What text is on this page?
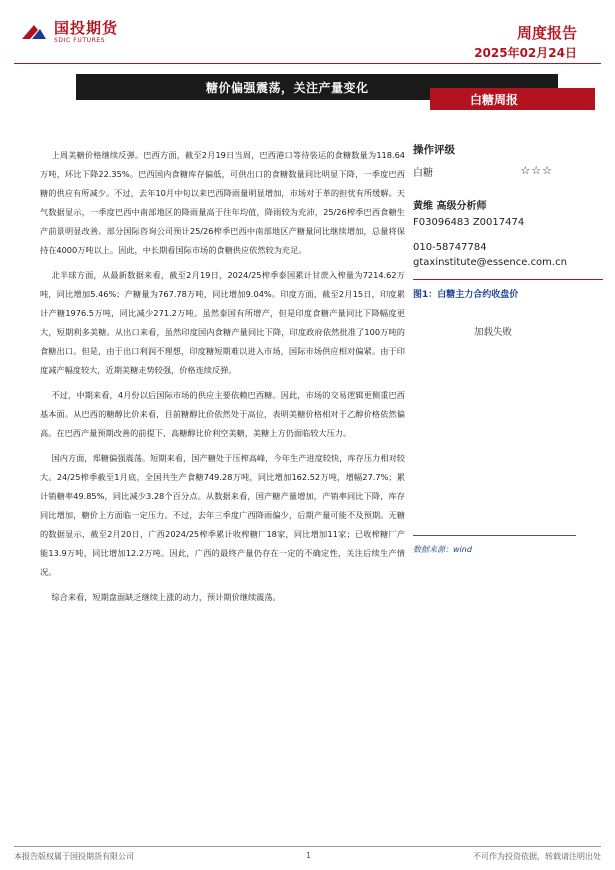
国投期货
SDIC FUTURES	周度报告
2025年02月24日
糖价偏强震荡，关注产量变化
白糖周报

上周美糖价格继续反弹。巴西方面，截至2月19日当周，巴西港口等待装运的食糖数量为118.64万吨，环比下降22.35%。巴西国内食糖库存偏低，可供出口的食糖数量同比明显下降，一季度巴西糖的供应有所减少。不过，去年10月中旬以来巴西降雨量明显增加，市场对于革的担忧有所缓解。天气数据显示，一季度巴西中南部地区的降雨量高于往年均值，降雨较为充沛，25/26榨季巴西食糖生产前景明显改善。部分国际咨询公司预计25/26榨季巴西中南部地区产糖量同比继续增加，总量将保持在4000万吨以上。因此，中长期看国际市场的食糖供应依然较为充足。

北半球方面，从最新数据来看，截至2月19日，2024/25榨季泰国累计甘蔗入榨量为7214.62万吨，同比增加5.46%；产糖量为767.78万吨，同比增加9.04%。印度方面，截至2月15日，印度累计产糖1976.5万吨，同比减少271.2万吨。虽然泰国有所增产，但是印度食糖产量同比下降幅度更大，短期利多美糖。从出口来看，虽然印度国内食糖产量同比下降，印度政府依然批准了100万吨的食糖出口。但是，由于出口利润不理想，印度糖短期难以进入市场，国际市场供应相对偏紧。由于印度减产幅度较大，近期美糖走势较强，价格连续反弹。

不过，中期来看，4月份以后国际市场的供应主要依赖巴西糖。因此，市场的交易逻辑更侧重巴西基本面。从巴西的糖醇比价来看，目前糖醇比价依然处于高位，表明美糖价格相对于乙醇价格依然偏高。在巴西产量预期改善的前提下，高糖醇比价利空美糖，美糖上方仍面临较大压力。

国内方面，郑糖偏强震荡。短期来看，国产糖处于压榨高峰，今年生产进度较快，库存压力相对较大。24/25榨季截至1月底，全国共生产食糖749.28万吨，同比增加162.52万吨，增幅27.7%；累计销糖率49.85%，同比减少3.28个百分点。从数据来看，国产糖产量增加，产销率同比下降，库存同比增加，糖价上方面临一定压力。不过，去年三季度广西降雨偏少，后期产量可能不及预期。无糖的数据显示，截至2月20日，广西2024/25榨季累计收榨糖厂18家，同比增加11家；已收榨糖厂产能13.9万吨，同比增加12.2万吨。因此，广西的最终产量仍存在一定的不确定性，关注后续生产情况。

综合来看，短期盘面缺乏继续上涨的动力，预计期价继续震荡。

操作评级
白糖	☆☆☆
黄维 高级分析师
F03096483 Z0017474
010-58747784
gtaxinstitute@essence.com.cn
图1：白糖主力合约收盘价
加载失败
数据来源：wind
本报告版权属于国投期货有限公司	1	不可作为投资依据，转载请注明出处
